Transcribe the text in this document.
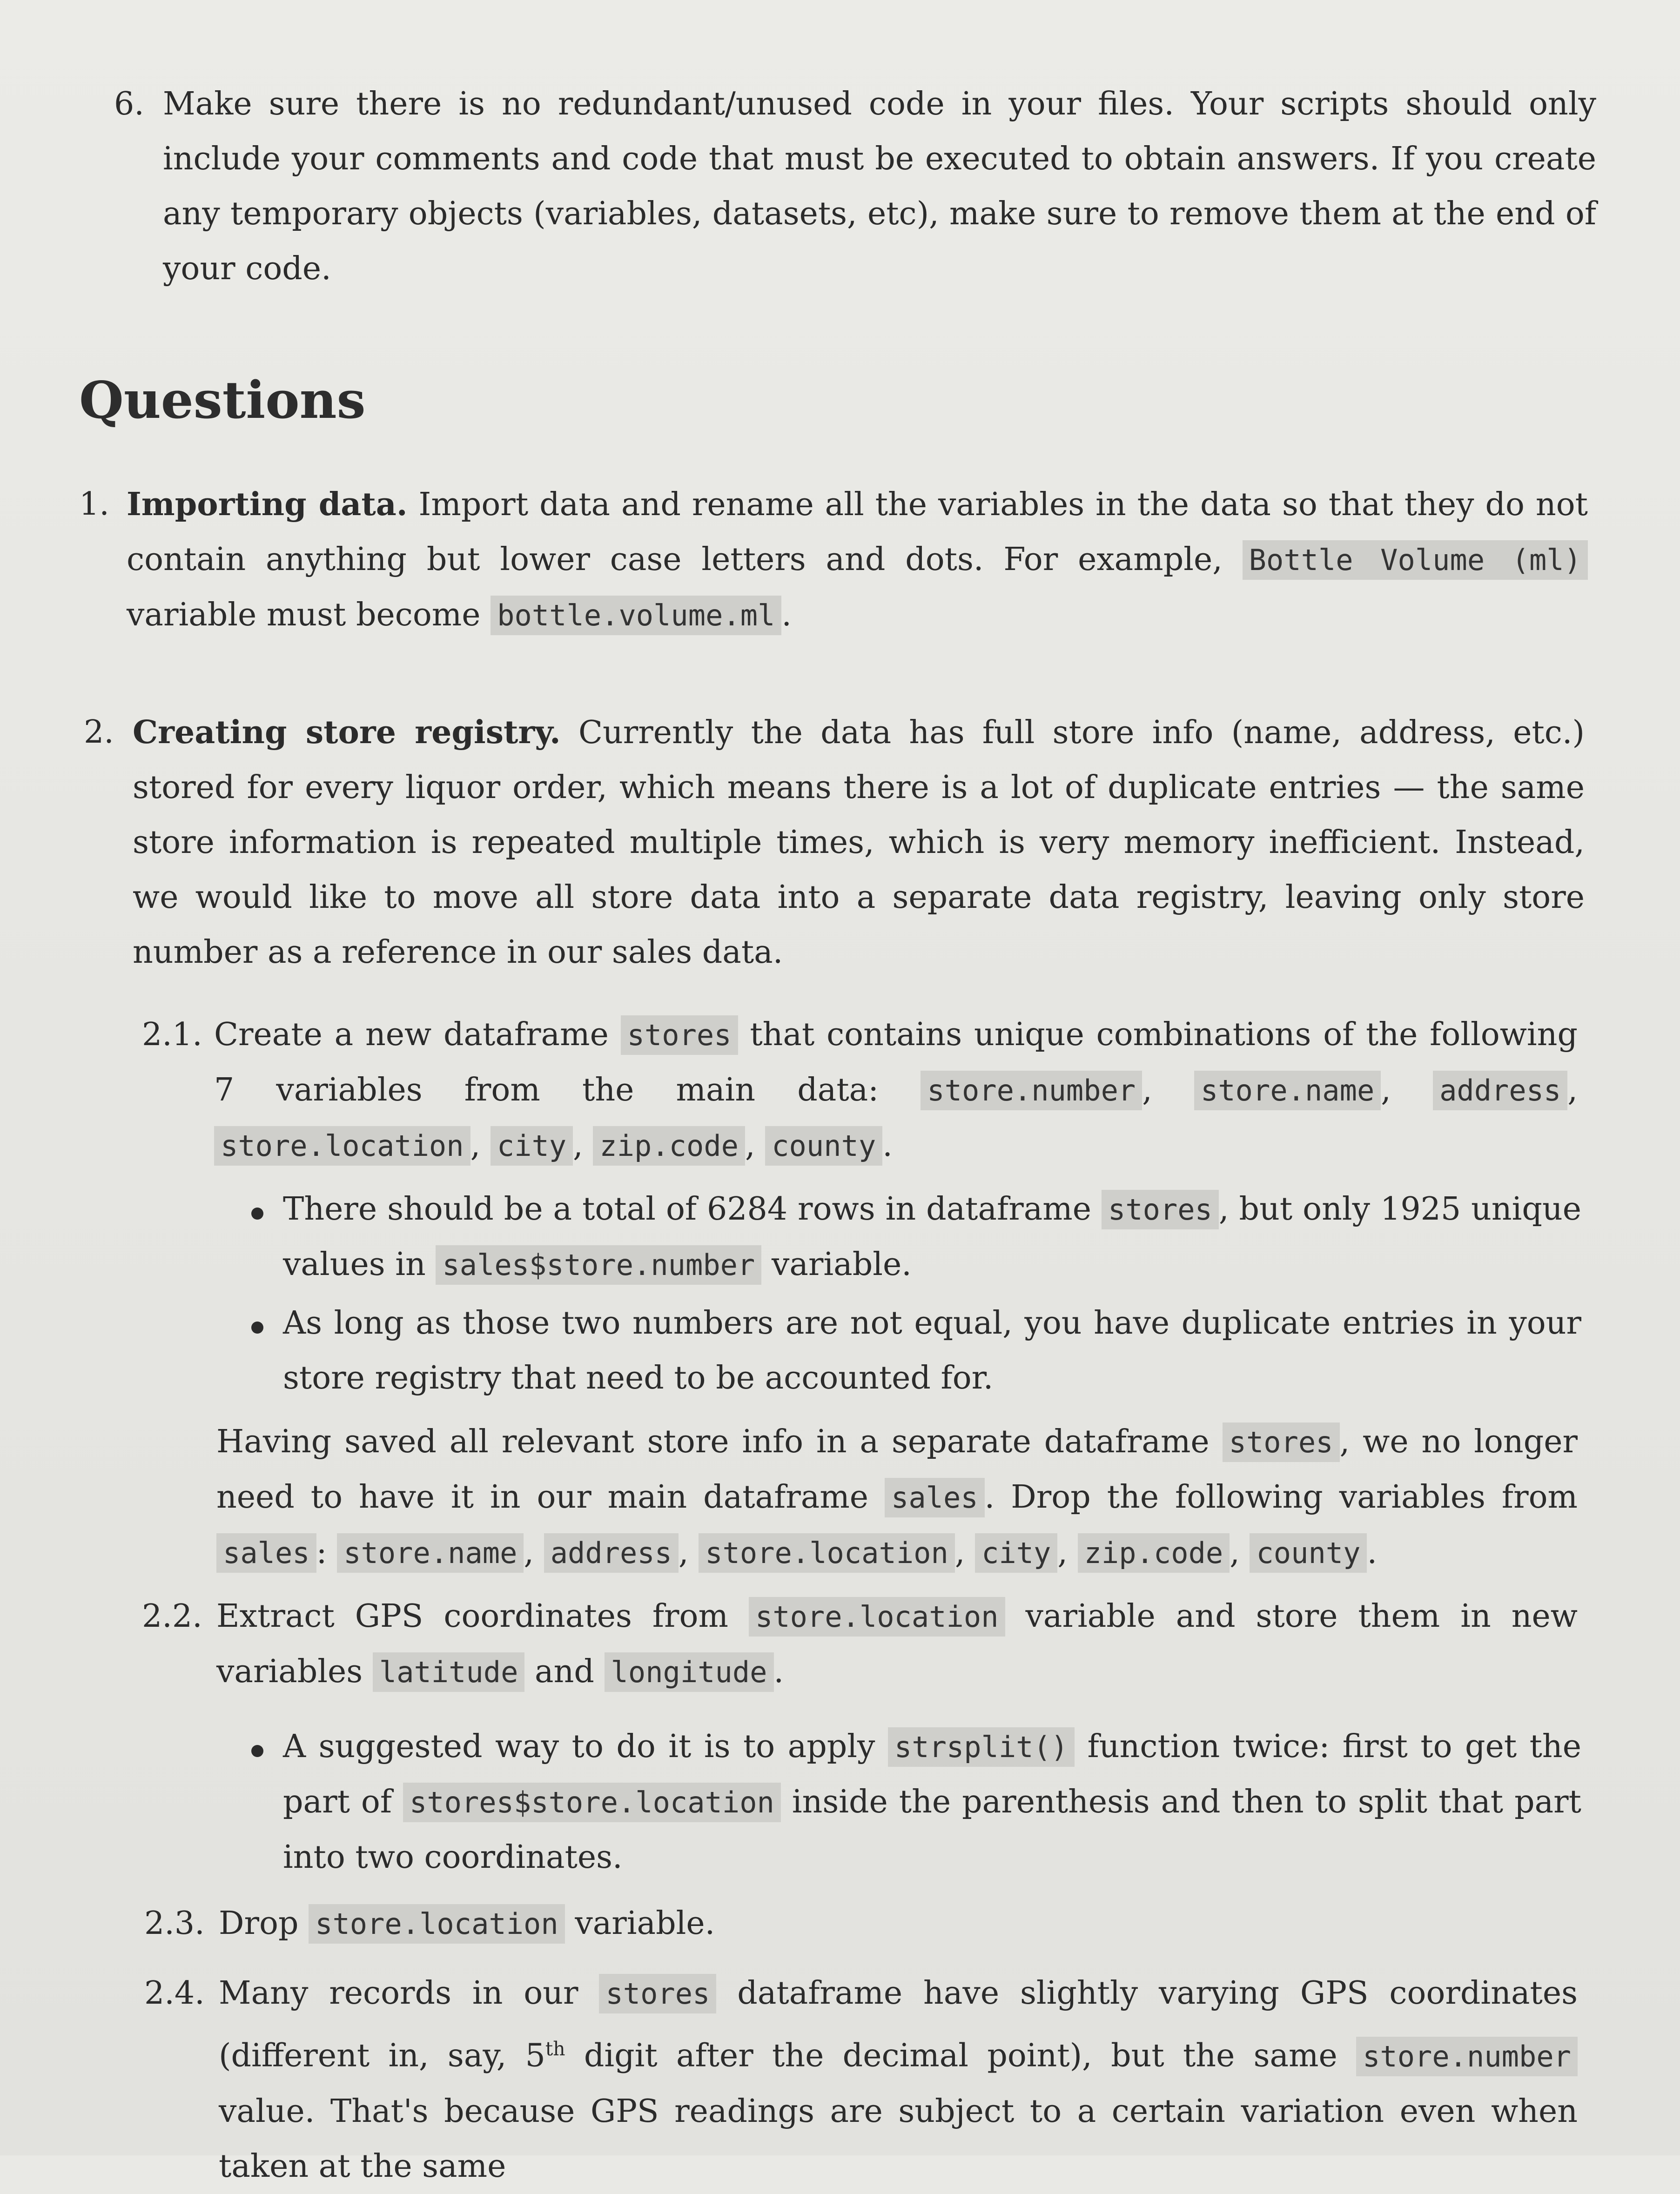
6. Make sure there is no redundant/unused code in your files. Your scripts should only include your comments and code that must be executed to obtain answers. If you create any temporary objects (variables, datasets, etc), make sure to remove them at the end of your code.

Questions
1. Importing data. Import data and rename all the variables in the data so that they do not contain anything but lower case letters and dots. For example, Bottle Volume (ml) variable must become bottle.volume.ml .

2. Creating store registry. Currently the data has full store info (name, address, etc.) stored for every liquor order, which means there is a lot of duplicate entries — the same store information is repeated multiple times, which is very memory inefficient. Instead, we would like to move all store data into a separate data registry, leaving only store number as a reference in our sales data.

2.1. Create a new dataframe stores that contains unique combinations of the following 7 variables from the main data: store.number , store.name , address , store.location , city , zip.code , county .

There should be a total of 6284 rows in dataframe stores , but only 1925 unique values in sales$store.number variable.

As long as those two numbers are not equal, you have duplicate entries in your store registry that need to be accounted for.

Having saved all relevant store info in a separate dataframe stores , we no longer need to have it in our main dataframe sales . Drop the following variables from sales : store.name , address , store.location , city , zip.code , county .

2.2. Extract GPS coordinates from store.location variable and store them in new variables latitude and longitude .

A suggested way to do it is to apply strsplit() function twice: first to get the part of stores$store.location inside the parenthesis and then to split that part into two coordinates.

2.3. Drop store.location variable.

2.4. Many records in our stores dataframe have slightly varying GPS coordinates (different in, say, 5th digit after the decimal point), but the same store.number value. That's because GPS readings are subject to a certain variation even when taken at the same
